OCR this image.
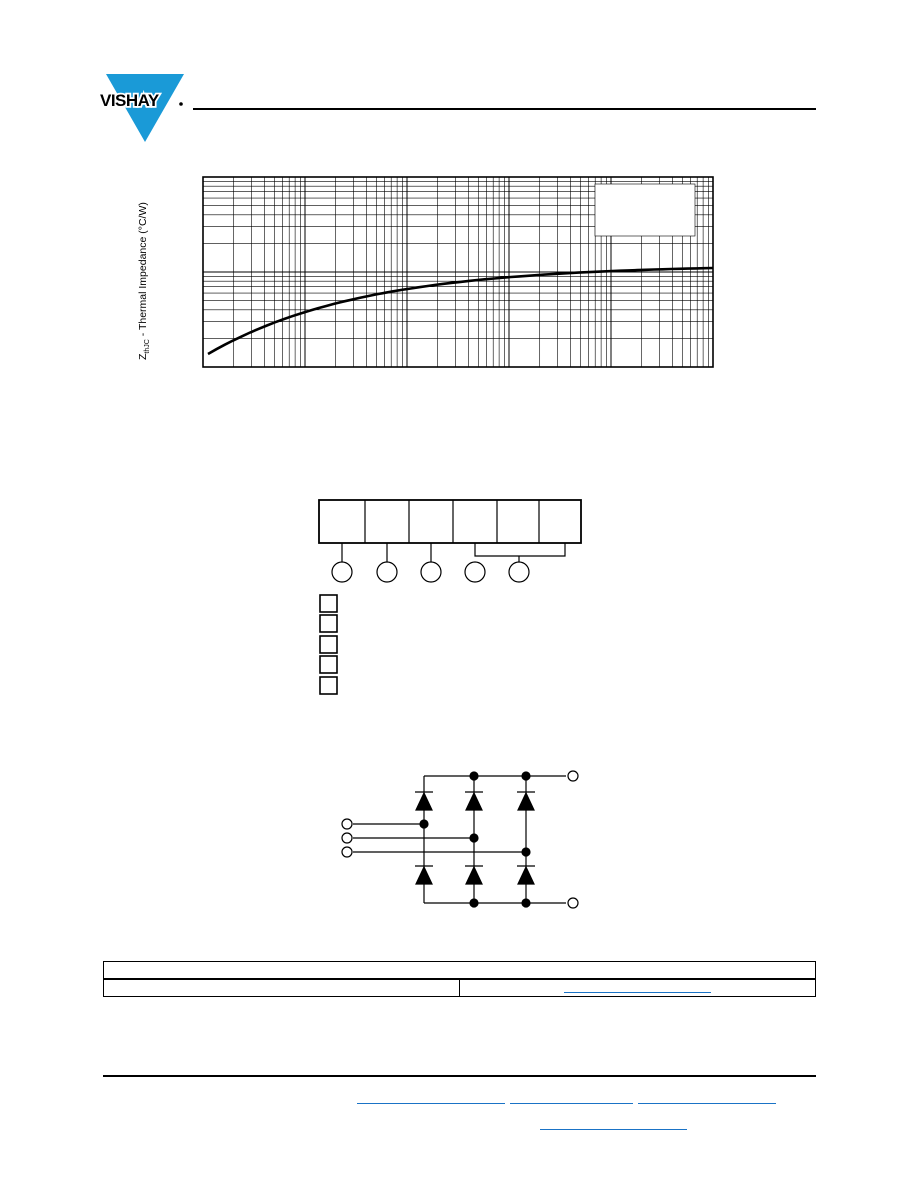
VISHAY
$Z_{thJC}$ - Thermal Impedance (°C/W)
